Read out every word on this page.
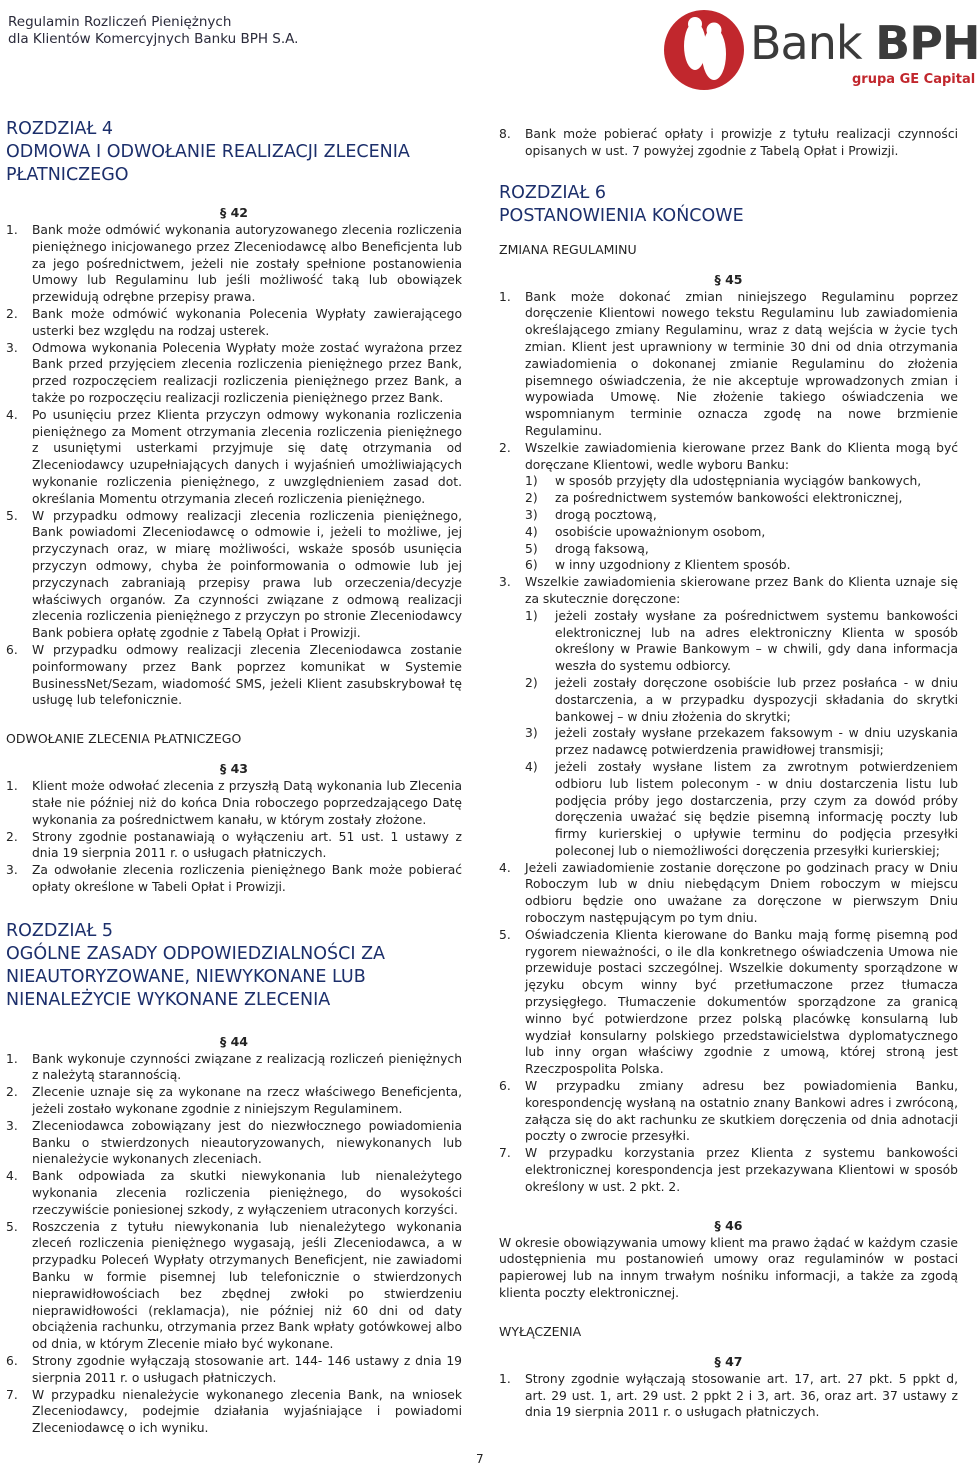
Regulamin Rozliczeń Pieniężnych
dla Klientów Komercyjnych Banku BPH S.A.	Bank BPH
grupa GE Capital
ROZDZIAŁ 4
ODMOWA I ODWOŁANIE REALIZACJI ZLECENIA
PŁATNICZEGO
§ 42
1. Bank może odmówić wykonania autoryzowanego zlecenia rozliczenia pieniężnego inicjowanego przez Zleceniodawcę albo Beneficjenta lub za jego pośrednictwem, jeżeli nie zostały spełnione postanowienia Umowy lub Regulaminu lub jeśli możliwość taką lub obowiązek przewidują odrębne przepisy prawa.
2. Bank może odmówić wykonania Polecenia Wypłaty zawierającego usterki bez względu na rodzaj usterek.
3. Odmowa wykonania Polecenia Wypłaty może zostać wyrażona przez Bank przed przyjęciem zlecenia rozliczenia pieniężnego przez Bank, przed rozpoczęciem realizacji rozliczenia pieniężnego przez Bank, a także po rozpoczęciu realizacji rozliczenia pieniężnego przez Bank.
4. Po usunięciu przez Klienta przyczyn odmowy wykonania rozliczenia pieniężnego za Moment otrzymania zlecenia rozliczenia pieniężnego z usuniętymi usterkami przyjmuje się datę otrzymania od Zleceniodawcy uzupełniających danych i wyjaśnień umożliwiających wykonanie rozliczenia pieniężnego, z uwzględnieniem zasad dot. określania Momentu otrzymania zleceń rozliczenia pieniężnego.
5. W przypadku odmowy realizacji zlecenia rozliczenia pieniężnego, Bank powiadomi Zleceniodawcę o odmowie i, jeżeli to możliwe, jej przyczynach oraz, w miarę możliwości, wskaże sposób usunięcia przyczyn odmowy, chyba że poinformowania o odmowie lub jej przyczynach zabraniają przepisy prawa lub orzeczenia/decyzje właściwych organów. Za czynności związane z odmową realizacji zlecenia rozliczenia pieniężnego z przyczyn po stronie Zleceniodawcy Bank pobiera opłatę zgodnie z Tabelą Opłat i Prowizji.
6. W przypadku odmowy realizacji zlecenia Zleceniodawca zostanie poinformowany przez Bank poprzez komunikat w Systemie BusinessNet/Sezam, wiadomość SMS, jeżeli Klient zasubskrybował tę usługę lub telefonicznie.
ODWOŁANIE ZLECENIA PŁATNICZEGO
§ 43
1. Klient może odwołać zlecenia z przyszłą Datą wykonania lub Zlecenia stałe nie później niż do końca Dnia roboczego poprzedzającego Datę wykonania za pośrednictwem kanału, w którym zostały złożone.
2. Strony zgodnie postanawiają o wyłączeniu art. 51 ust. 1 ustawy z dnia 19 sierpnia 2011 r. o usługach płatniczych.
3. Za odwołanie zlecenia rozliczenia pieniężnego Bank może pobierać opłaty określone w Tabeli Opłat i Prowizji.
ROZDZIAŁ 5
OGÓLNE ZASADY ODPOWIEDZIALNOŚCI ZA
NIEAUTORYZOWANE, NIEWYKONANE LUB
NIENALEŻYCIE WYKONANE ZLECENIA
§ 44
1. Bank wykonuje czynności związane z realizacją rozliczeń pieniężnych z należytą starannością.
2. Zlecenie uznaje się za wykonane na rzecz właściwego Beneficjenta, jeżeli zostało wykonane zgodnie z niniejszym Regulaminem.
3. Zleceniodawca zobowiązany jest do niezwłocznego powiadomienia Banku o stwierdzonych nieautoryzowanych, niewykonanych lub nienależycie wykonanych zleceniach.
4. Bank odpowiada za skutki niewykonania lub nienależytego wykonania zlecenia rozliczenia pieniężnego, do wysokości rzeczywiście poniesionej szkody, z wyłączeniem utraconych korzyści.
5. Roszczenia z tytułu niewykonania lub nienależytego wykonania zleceń rozliczenia pieniężnego wygasają, jeśli Zleceniodawca, a w przypadku Poleceń Wypłaty otrzymanych Beneficjent, nie zawiadomi Banku w formie pisemnej lub telefonicznie o stwierdzonych nieprawidłowościach bez zbędnej zwłoki po stwierdzeniu nieprawidłowości (reklamacja), nie później niż 60 dni od daty obciążenia rachunku, otrzymania przez Bank wpłaty gotówkowej albo od dnia, w którym Zlecenie miało być wykonane.
6. Strony zgodnie wyłączają stosowanie art. 144- 146 ustawy z dnia 19 sierpnia 2011 r. o usługach płatniczych.
7. W przypadku nienależycie wykonanego zlecenia Bank, na wniosek Zleceniodawcy, podejmie działania wyjaśniające i powiadomi Zleceniodawcę o ich wyniku.
8. Bank może pobierać opłaty i prowizje z tytułu realizacji czynności opisanych w ust. 7 powyżej zgodnie z Tabelą Opłat i Prowizji.
ROZDZIAŁ 6
POSTANOWIENIA KOŃCOWE
ZMIANA REGULAMINU
§ 45
1. Bank może dokonać zmian niniejszego Regulaminu poprzez doręczenie Klientowi nowego tekstu Regulaminu lub zawiadomienia określającego zmiany Regulaminu, wraz z datą wejścia w życie tych zmian. Klient jest uprawniony w terminie 30 dni od dnia otrzymania zawiadomienia o dokonanej zmianie Regulaminu do złożenia pisemnego oświadczenia, że nie akceptuje wprowadzonych zmian i wypowiada Umowę. Nie złożenie takiego oświadczenia we wspomnianym terminie oznacza zgodę na nowe brzmienie Regulaminu.
2. Wszelkie zawiadomienia kierowane przez Bank do Klienta mogą być doręczane Klientowi, wedle wyboru Banku:
1) w sposób przyjęty dla udostępniania wyciągów bankowych,
2) za pośrednictwem systemów bankowości elektronicznej,
3) drogą pocztową,
4) osobiście upoważnionym osobom,
5) drogą faksową,
6) w inny uzgodniony z Klientem sposób.
3. Wszelkie zawiadomienia skierowane przez Bank do Klienta uznaje się za skutecznie doręczone:
1) jeżeli zostały wysłane za pośrednictwem systemu bankowości elektronicznej lub na adres elektroniczny Klienta w sposób określony w Prawie Bankowym – w chwili, gdy dana informacja weszła do systemu odbiorcy.
2) jeżeli zostały doręczone osobiście lub przez posłańca - w dniu dostarczenia, a w przypadku dyspozycji składania do skrytki bankowej – w dniu złożenia do skrytki;
3) jeżeli zostały wysłane przekazem faksowym - w dniu uzyskania przez nadawcę potwierdzenia prawidłowej transmisji;
4) jeżeli zostały wysłane listem za zwrotnym potwierdzeniem odbioru lub listem poleconym - w dniu dostarczenia listu lub podjęcia próby jego dostarczenia, przy czym za dowód próby doręczenia uważać się będzie pisemną informację poczty lub firmy kurierskiej o upływie terminu do podjęcia przesyłki poleconej lub o niemożliwości doręczenia przesyłki kurierskiej;
4. Jeżeli zawiadomienie zostanie doręczone po godzinach pracy w Dniu Roboczym lub w dniu niebędącym Dniem roboczym w miejscu odbioru będzie ono uważane za doręczone w pierwszym Dniu roboczym następującym po tym dniu.
5. Oświadczenia Klienta kierowane do Banku mają formę pisemną pod rygorem nieważności, o ile dla konkretnego oświadczenia Umowa nie przewiduje postaci szczególnej. Wszelkie dokumenty sporządzone w języku obcym winny być przetłumaczone przez tłumacza przysięgłego. Tłumaczenie dokumentów sporządzone za granicą winno być potwierdzone przez polską placówkę konsularną lub wydział konsularny polskiego przedstawicielstwa dyplomatycznego lub inny organ właściwy zgodnie z umową, której stroną jest Rzeczpospolita Polska.
6. W przypadku zmiany adresu bez powiadomienia Banku, korespondencję wysłaną na ostatnio znany Bankowi adres i zwróconą, załącza się do akt rachunku ze skutkiem doręczenia od dnia adnotacji poczty o zwrocie przesyłki.
7. W przypadku korzystania przez Klienta z systemu bankowości elektronicznej korespondencja jest przekazywana Klientowi w sposób określony w ust. 2 pkt. 2.
§ 46
W okresie obowiązywania umowy klient ma prawo żądać w każdym czasie udostępnienia mu postanowień umowy oraz regulaminów w postaci papierowej lub na innym trwałym nośniku informacji, a także za zgodą klienta poczty elektronicznej.
WYŁĄCZENIA
§ 47
1. Strony zgodnie wyłączają stosowanie art. 17, art. 27 pkt. 5 ppkt d, art. 29 ust. 1, art. 29 ust. 2 ppkt 2 i 3, art. 36, oraz art. 37 ustawy z dnia 19 sierpnia 2011 r. o usługach płatniczych.
7
